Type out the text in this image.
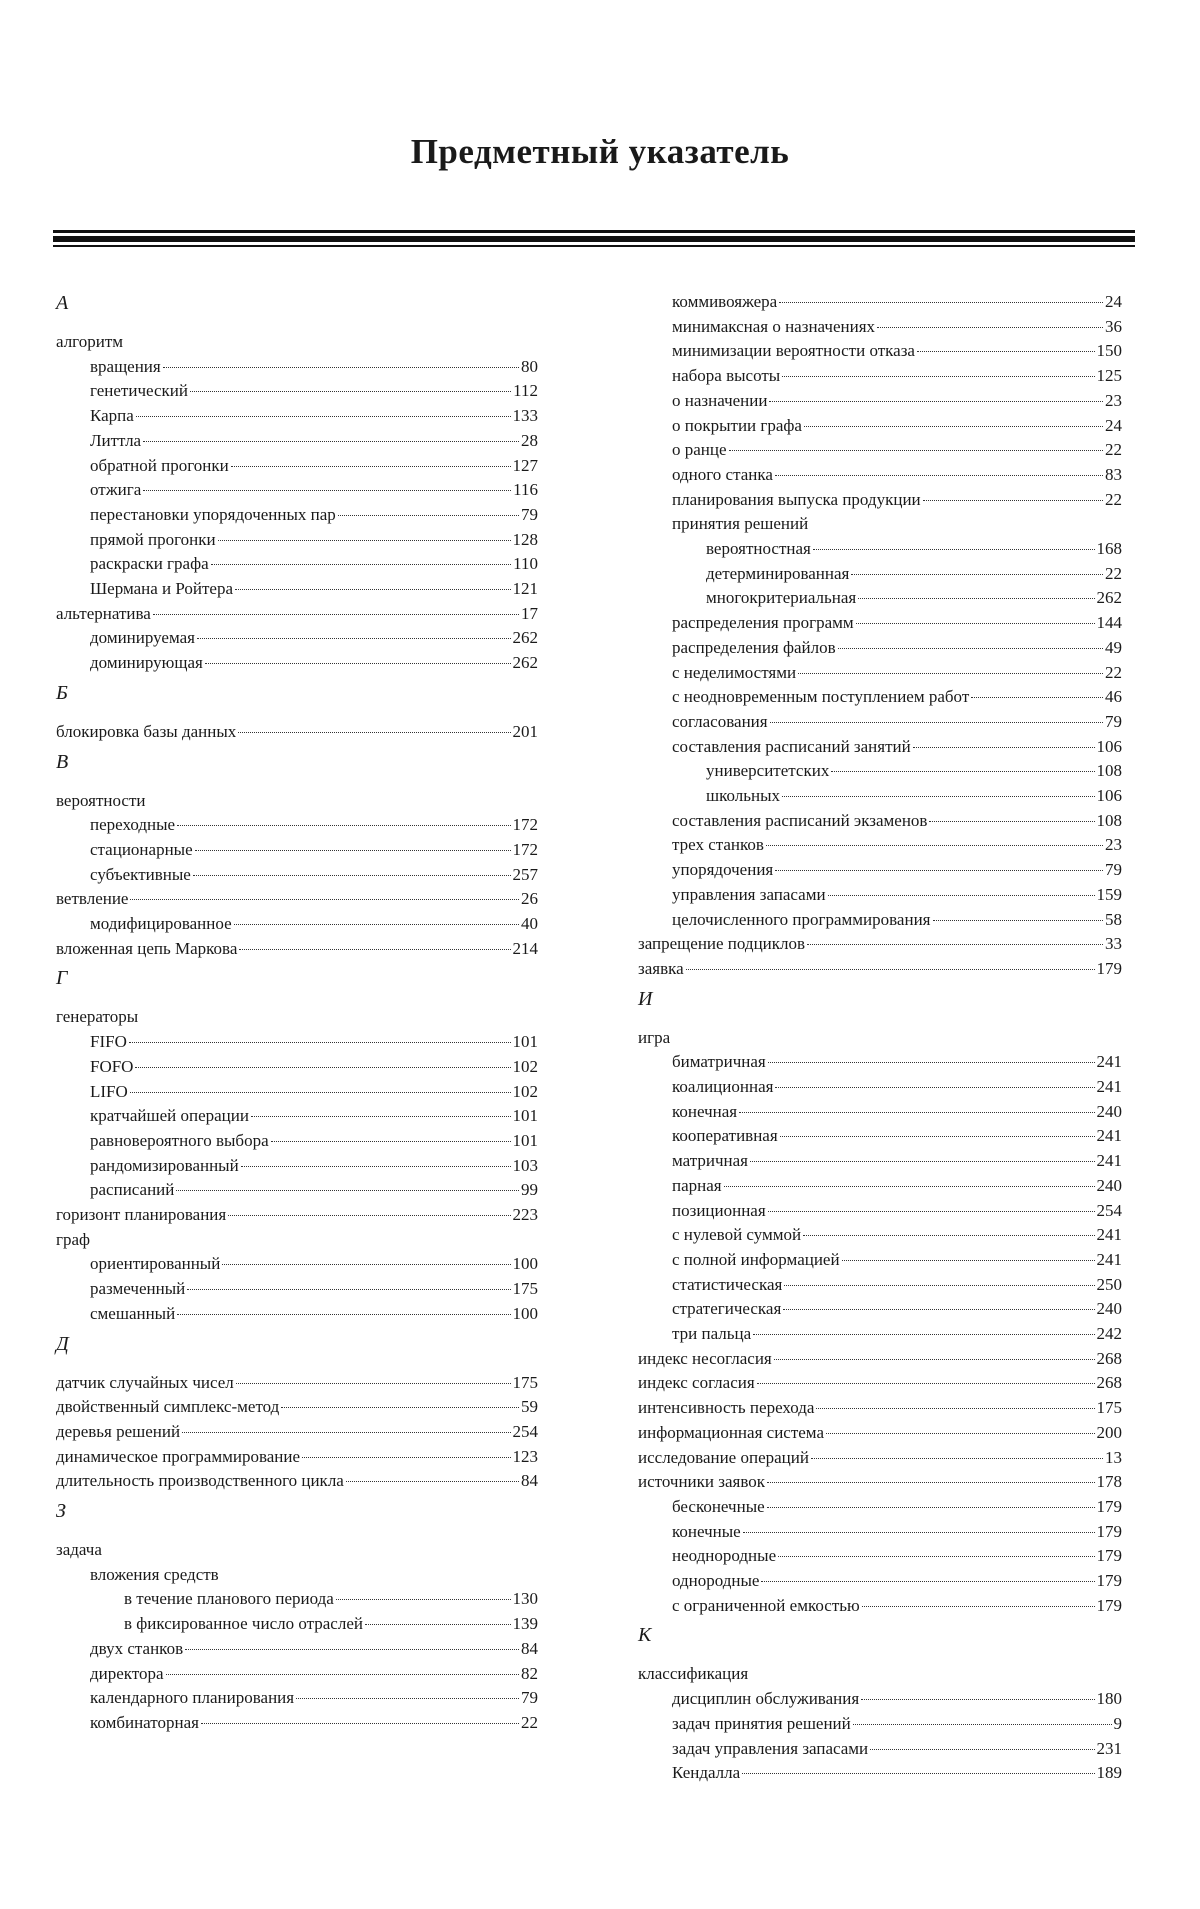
Предметный указатель
А
алгоритм
вращения	80
генетический	112
Карпа	133
Литтла	28
обратной прогонки	127
отжига	116
перестановки упорядоченных пар	79
прямой прогонки	128
раскраски графа	110
Шермана и Ройтера	121
альтернатива	17
доминируемая	262
доминирующая	262
Б
блокировка базы данных	201
В
вероятности
переходные	172
стационарные	172
субъективные	257
ветвление	26
модифицированное	40
вложенная цепь Маркова	214
Г
генераторы
FIFO	101
FOFO	102
LIFO	102
кратчайшей операции	101
равновероятного выбора	101
рандомизированный	103
расписаний	99
горизонт планирования	223
граф
ориентированный	100
размеченный	175
смешанный	100
Д
датчик случайных чисел	175
двойственный симплекс-метод	59
деревья решений	254
динамическое программирование	123
длительность производственного цикла	84
З
задача
вложения средств
в течение планового периода	130
в фиксированное число отраслей	139
двух станков	84
директора	82
календарного планирования	79
комбинаторная	22
коммивояжера	24
минимаксная о назначениях	36
минимизации вероятности отказа	150
набора высоты	125
о назначении	23
о покрытии графа	24
о ранце	22
одного станка	83
планирования выпуска продукции	22
принятия решений
вероятностная	168
детерминированная	22
многокритериальная	262
распределения программ	144
распределения файлов	49
с неделимостями	22
с неодновременным поступлением работ	46
согласования	79
составления расписаний занятий	106
университетских	108
школьных	106
составления расписаний экзаменов	108
трех станков	23
упорядочения	79
управления запасами	159
целочисленного программирования	58
запрещение подциклов	33
заявка	179
И
игра
биматричная	241
коалиционная	241
конечная	240
кооперативная	241
матричная	241
парная	240
позиционная	254
с нулевой суммой	241
с полной информацией	241
статистическая	250
стратегическая	240
три пальца	242
индекс несогласия	268
индекс согласия	268
интенсивность перехода	175
информационная система	200
исследование операций	13
источники заявок	178
бесконечные	179
конечные	179
неоднородные	179
однородные	179
с ограниченной емкостью	179
К
классификация
дисциплин обслуживания	180
задач принятия решений	9
задач управления запасами	231
Кендалла	189
